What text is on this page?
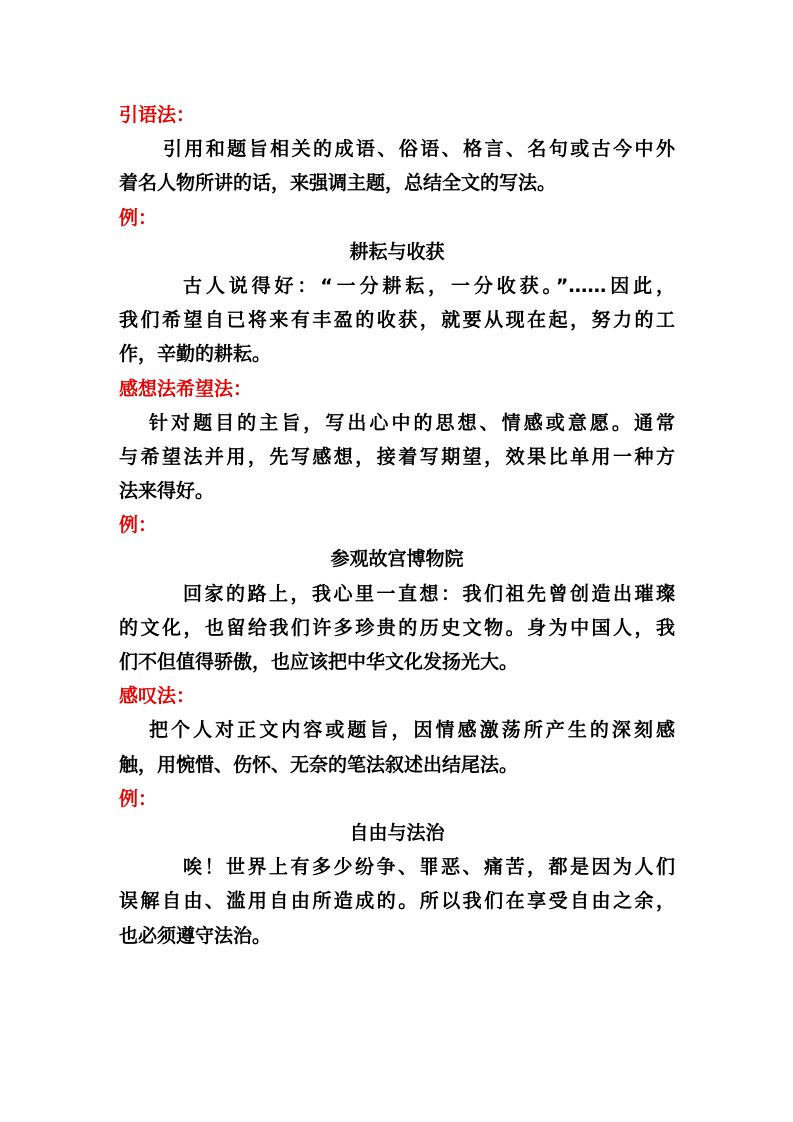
引语法：
引用和题旨相关的成语、俗语、格言、名句或古今中外
着名人物所讲的话，来强调主题，总结全文的写法。
例：
耕耘与收获
古人说得好：“一分耕耘，一分收获。”……因此，
我们希望自已将来有丰盈的收获，就要从现在起，努力的工
作，辛勤的耕耘。
感想法希望法：
针对题目的主旨，写出心中的思想、情感或意愿。通常
与希望法并用，先写感想，接着写期望，效果比单用一种方
法来得好。
例：
参观故宫博物院
回家的路上，我心里一直想：我们祖先曾创造出璀璨
的文化，也留给我们许多珍贵的历史文物。身为中国人，我
们不但值得骄傲，也应该把中华文化发扬光大。
感叹法：
把个人对正文内容或题旨，因情感激荡所产生的深刻感
触，用惋惜、伤怀、无奈的笔法叙述出结尾法。
例：
自由与法治
唉！世界上有多少纷争、罪恶、痛苦，都是因为人们
误解自由、滥用自由所造成的。所以我们在享受自由之余，
也必须遵守法治。
